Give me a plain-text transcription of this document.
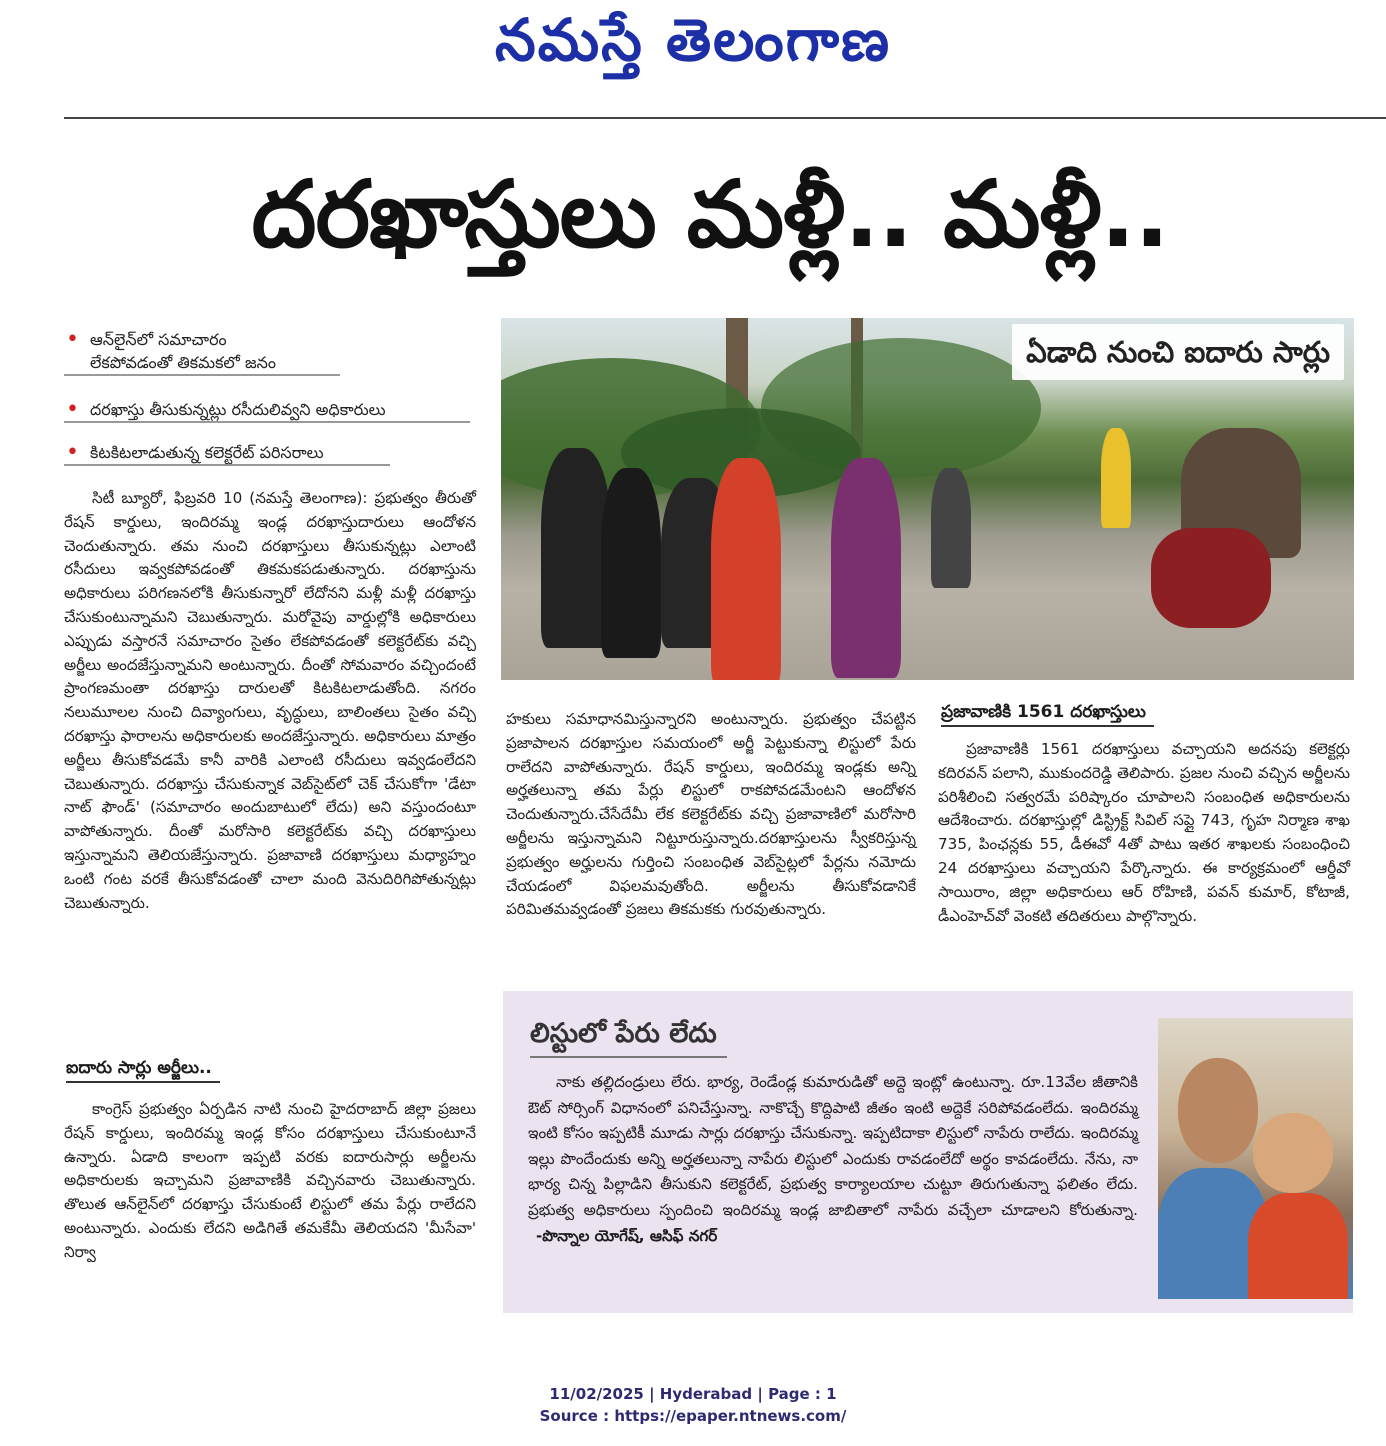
నమస్తే తెలంగాణ
దరఖాస్తులు మళ్లీ.. మళ్లీ..
• ఆన్‌లైన్‌లో సమాచారం
లేకపోవడంతో తికమకలో జనం
• దరఖాస్తు తీసుకున్నట్లు రసీదులివ్వని అధికారులు
• కిటకిటలాడుతున్న కలెక్టరేట్ పరిసరాలు

సిటీ బ్యూరో, ఫిబ్రవరి 10 (నమస్తే తెలంగాణ): ప్రభుత్వం తీరుతో రేషన్ కార్డులు, ఇందిరమ్మ ఇండ్ల దరఖాస్తుదారులు ఆందోళన చెందుతున్నారు. తమ నుంచి దరఖాస్తులు తీసుకున్నట్లు ఎలాంటి రసీదులు ఇవ్వకపోవడంతో తికమకపడుతున్నారు. దరఖాస్తును అధికారులు పరిగణనలోకి తీసుకున్నారో లేదోనని మళ్లీ మళ్లీ దరఖాస్తు చేసుకుంటున్నామని చెబుతున్నారు. మరోవైపు వార్డుల్లోకి అధికారులు ఎప్పుడు వస్తారనే సమాచారం సైతం లేకపోవడంతో కలెక్టరేట్‌కు వచ్చి అర్జీలు అందజేస్తున్నామని అంటున్నారు. దీంతో సోమవారం వచ్చిందంటే ప్రాంగణమంతా దరఖాస్తు దారులతో కిటకిటలాడుతోంది. నగరం నలుమూలల నుంచి దివ్యాంగులు, వృద్ధులు, బాలింతలు సైతం వచ్చి దరఖాస్తు ఫారాలను అధికారులకు అందజేస్తున్నారు. అధికారులు మాత్రం అర్జీలు తీసుకోవడమే కానీ వారికి ఎలాంటి రసీదులు ఇవ్వడంలేదని చెబుతున్నారు. దరఖాస్తు చేసుకున్నాక వెబ్‌సైట్‌లో చెక్ చేసుకోగా 'డేటా నాట్ ఫౌండ్' (సమాచారం అందుబాటులో లేదు) అని వస్తుందంటూ వాపోతున్నారు. దీంతో మరోసారి కలెక్టరేట్‌కు వచ్చి దరఖాస్తులు ఇస్తున్నామని తెలియజేస్తున్నారు. ప్రజావాణి దరఖాస్తులు మధ్యాహ్నం ఒంటి గంట వరకే తీసుకోవడంతో చాలా మంది వెనుదిరిగిపోతున్నట్లు చెబుతున్నారు.

ఐదారు సార్లు అర్జీలు..

కాంగ్రెస్ ప్రభుత్వం ఏర్పడిన నాటి నుంచి హైదరాబాద్ జిల్లా ప్రజలు రేషన్ కార్డులు, ఇందిరమ్మ ఇండ్ల కోసం దరఖాస్తులు చేసుకుంటూనే ఉన్నారు. ఏడాది కాలంగా ఇప్పటి వరకు ఐదారుసార్లు అర్జీలను అధికారులకు ఇచ్చామని ప్రజావాణికి వచ్చినవారు చెబుతున్నారు. తొలుత ఆన్‌లైన్‌లో దరఖాస్తు చేసుకుంటే లిస్టులో తమ పేర్లు రాలేదని అంటున్నారు. ఎందుకు లేదని అడిగితే తమకేమీ తెలియదని 'మీసేవా' నిర్వా

ఏడాది నుంచి ఐదారు సార్లు

హకులు సమాధానమిస్తున్నారని అంటున్నారు. ప్రభుత్వం చేపట్టిన ప్రజాపాలన దరఖాస్తుల సమయంలో అర్జీ పెట్టుకున్నా లిస్టులో పేరు రాలేదని వాపోతున్నారు. రేషన్ కార్డులు, ఇందిరమ్మ ఇండ్లకు అన్ని అర్హతలున్నా తమ పేర్లు లిస్టులో రాకపోవడమేంటని ఆందోళన చెందుతున్నారు.చేసేదేమీ లేక కలెక్టరేట్‌కు వచ్చి ప్రజావాణిలో మరోసారి అర్జీలను ఇస్తున్నామని నిట్టూరుస్తున్నారు.దరఖాస్తులను స్వీకరిస్తున్న ప్రభుత్వం అర్హులను గుర్తించి సంబంధిత వెబ్‌సైట్లలో పేర్లను నమోదు చేయడంలో విఫలమవుతోంది. అర్జీలను తీసుకోవడానికే పరిమితమవ్వడంతో ప్రజలు తికమకకు గురవుతున్నారు.

ప్రజావాణికి 1561 దరఖాస్తులు

ప్రజావాణికి 1561 దరఖాస్తులు వచ్చాయని అదనపు కలెక్టర్లు కదిరవన్ పలాని, ముకుందరెడ్డి తెలిపారు. ప్రజల నుంచి వచ్చిన అర్జీలను పరిశీలించి సత్వరమే పరిష్కారం చూపాలని సంబంధిత అధికారులను ఆదేశించారు. దరఖాస్తుల్లో డిస్ట్రిక్ట్ సివిల్ సప్లై 743, గృహ నిర్మాణ శాఖ 735, పింఛన్లకు 55, డీఈవో 4తో పాటు ఇతర శాఖలకు సంబంధించి 24 దరఖాస్తులు వచ్చాయని పేర్కొన్నారు. ఈ కార్యక్రమంలో ఆర్డీవో సాయిరాం, జిల్లా అధికారులు ఆర్ రోహిణి, పవన్ కుమార్, కోటాజీ, డీఎంహెచ్‌వో వెంకటి తదితరులు పాల్గొన్నారు.

లిస్టులో పేరు లేదు

నాకు తల్లిదండ్రులు లేరు. భార్య, రెండేండ్ల కుమారుడితో అద్దె ఇంట్లో ఉంటున్నా. రూ.13వేల జీతానికి ఔట్ సోర్సింగ్ విధానంలో పనిచేస్తున్నా. నాకొచ్చే కొద్దిపాటి జీతం ఇంటి అద్దెకే సరిపోవడంలేదు. ఇందిరమ్మ ఇంటి కోసం ఇప్పటికీ మూడు సార్లు దరఖాస్తు చేసుకున్నా. ఇప్పటిదాకా లిస్టులో నాపేరు రాలేదు. ఇందిరమ్మ ఇల్లు పొందేందుకు అన్ని అర్హతలున్నా నాపేరు లిస్టులో ఎందుకు రావడంలేదో అర్థం కావడంలేదు. నేను, నా భార్య చిన్న పిల్లాడిని తీసుకుని కలెక్టరేట్, ప్రభుత్వ కార్యాలయాల చుట్టూ తిరుగుతున్నా ఫలితం లేదు. ప్రభుత్వ అధికారులు స్పందించి ఇందిరమ్మ ఇండ్ల జాబితాలో నాపేరు వచ్చేలా చూడాలని కోరుతున్నా. -పొన్నాల యోగేష్, ఆసిఫ్ నగర్

11/02/2025 | Hyderabad | Page : 1
Source : https://epaper.ntnews.com/
